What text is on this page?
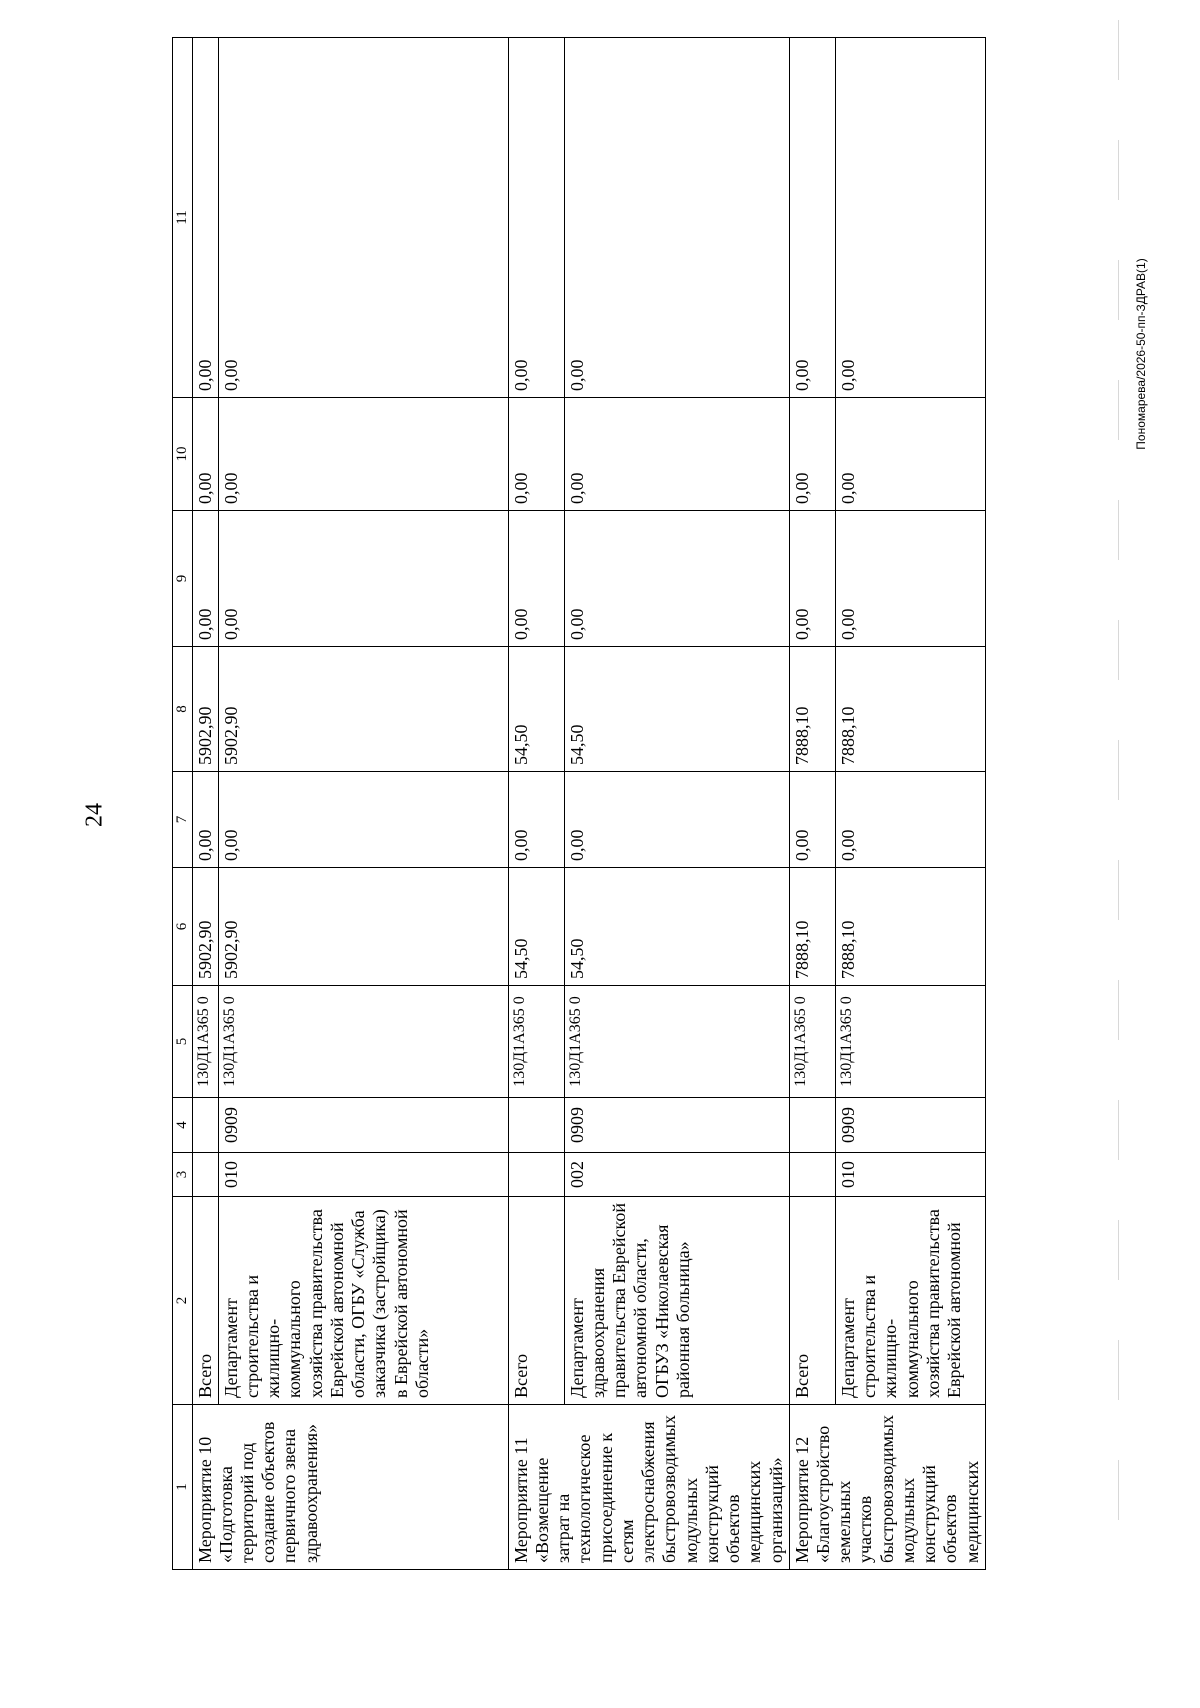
24
Пономарева/2026-50-пп-ЗДРАВ(1)
1	2	3	4	5	6	7	8	9	10	11
Мероприятие 10 «Подготовка территорий под создание объектов первичного звена здравоохранения»	Всего			130Д1А365 0	5902,90	0,00	5902,90	0,00	0,00	0,00
	Департамент строительства и жилищно-коммунального хозяйства правительства Еврейской автономной области, ОГБУ «Служба заказчика (застройщика) в Еврейской автономной области»	010	0909	130Д1А365 0	5902,90	0,00	5902,90	0,00	0,00	0,00
Мероприятие 11 «Возмещение затрат на технологическое присоединение к сетям электроснабжения быстровозводимых модульных конструкций объектов медицинских организаций»	Всего			130Д1А365 0	54,50	0,00	54,50	0,00	0,00	0,00
	Департамент здравоохранения правительства Еврейской автономной области, ОГБУЗ «Николаевская районная больница»	002	0909	130Д1А365 0	54,50	0,00	54,50	0,00	0,00	0,00
Мероприятие 12 «Благоустройство земельных участков быстровозводимых модульных конструкций объектов медицинских	Всего			130Д1А365 0	7888,10	0,00	7888,10	0,00	0,00	0,00
	Департамент строительства и жилищно-коммунального хозяйства правительства Еврейской автономной	010	0909	130Д1А365 0	7888,10	0,00	7888,10	0,00	0,00	0,00
